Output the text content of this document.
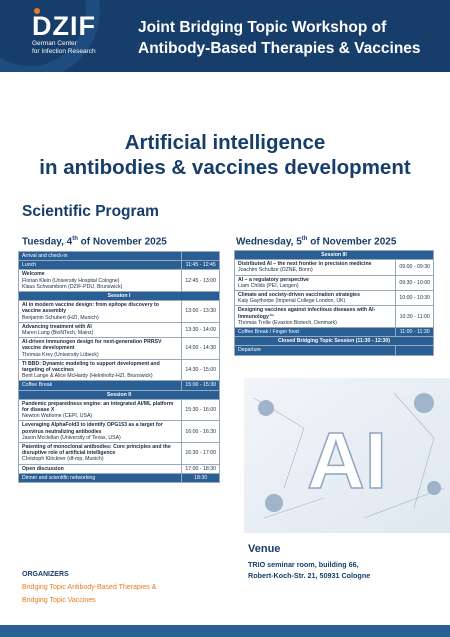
DZIF
German Center
for Infection Research
Joint Bridging Topic Workshop of
Antibody-Based Therapies & Vaccines
Artificial intelligence
in antibodies & vaccines development
Scientific Program
Tuesday, 4th of November 2025
Arrival and check-in	
Lunch	11:45 - 12:45

Welcome
Florian Klein (University Hospital Cologne)
Klaus Schwamborn (DZIF-PDU, Brunswick)	12:45 - 13:00
Session I	

AI in modern vaccine design: from epitope discovery to vaccine assembly
Benjamin Schubert (HZI, Munich)	13:00 - 13:30

Advancing treatment with AI
Maren Lang (BioNTech, Mainz)	13:30 - 14:00

AI-driven immunogen design for next-generation PRRSV vaccine development
Thomas Krey (University Lübeck)	14:00 - 14:30

TI BBD: Dynamic modeling to support development and targeting of vaccines
Berit Lange & Alice McHardy (Helmholtz-HZI, Brunswick)	14:30 - 15:00
Coffee Break	15:00 - 15:30
Session II	

Pandemic preparedness engine: an integrated AI/ML platform for disease X
Newton Wahome (CEPI, USA)	15:30 - 16:00

Leveraging AlphaFold3 to identify OPG153 as a target for poxvirus neutralizing antibodies
Jason Mcclellan (University of Texas, USA)	16:00 - 16:30

Patenting of monoclonal antibodies: Core principles and the disruptive role of artificial intelligence
Christoph Klöckner (df-mp, Munich)	16:30 - 17:00

Open discussion	17:00 - 18:30
Dinner and scientific networking	18:30
Wednesday, 5th of November 2025
Session III	

Distributed AI – the next frontier in precision medicine
Joachim Schultze (DZNE, Bonn)	09:00 - 09:30

AI – a regulatory perspective
Liam Childs (PEI, Langen)	09:30 - 10:00

Climate and society-driven vaccination strategies
Katy Gaythorpe (Imperial College London, UK)	10:00 - 10:30

Designing vaccines against infectious diseases with AI-Immunology™
Thomas Trolle (Evaxion Biotech, Denmark)	10:30 - 11:00
Coffee Break / Finger food	11:00 - 11:30
Closed Bridging Topic Session (11:30 - 12:30)	
Departure	
AI
Venue
TRIO seminar room, building 66,
Robert-Koch-Str. 21, 50931 Cologne
ORGANIZERS
Bridging Topic Antibody-Based Therapies &
Bridging Topic Vaccines
